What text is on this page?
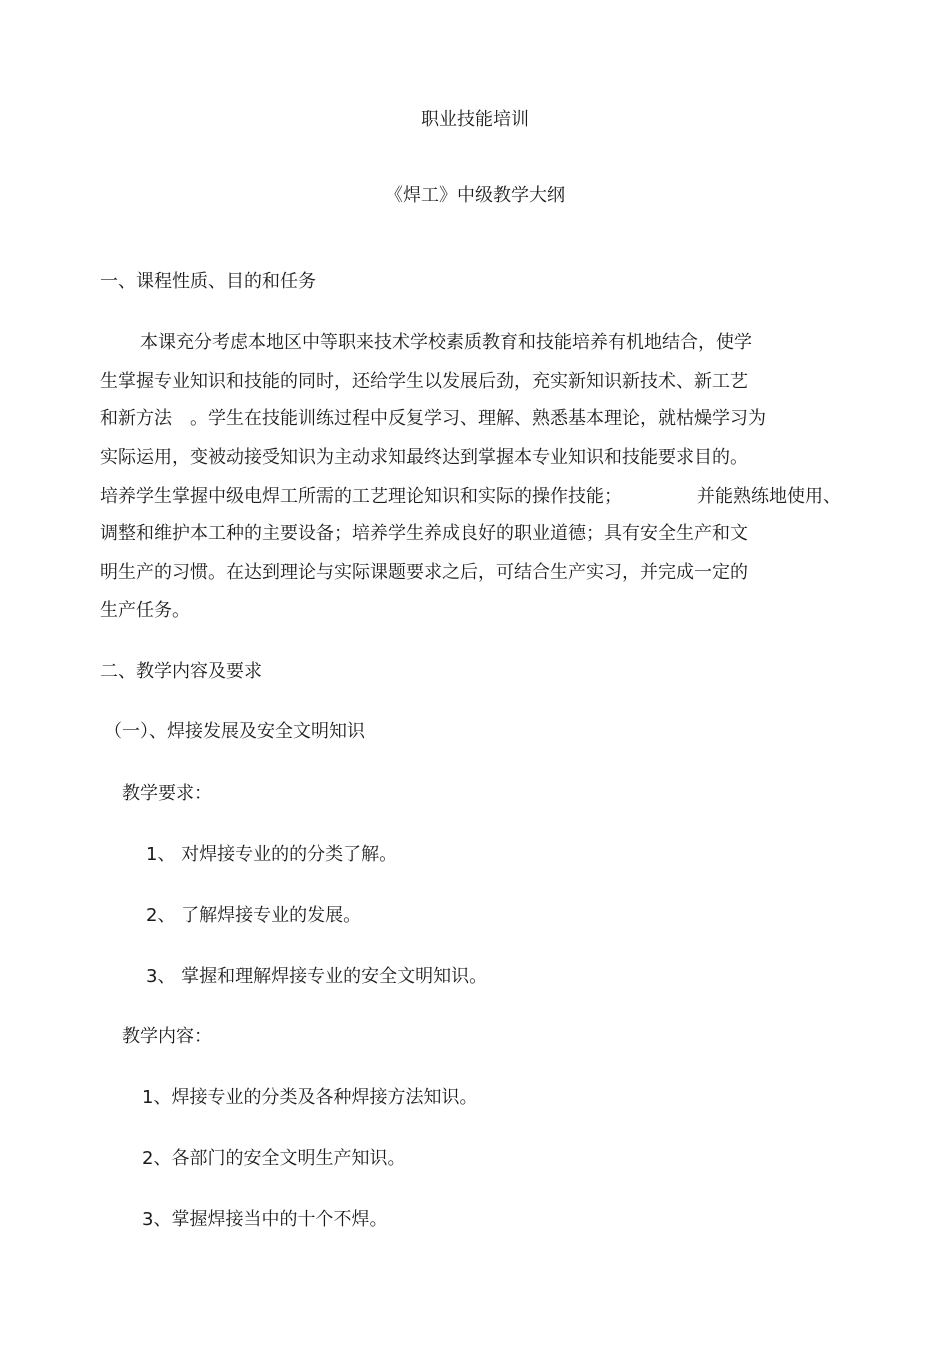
职业技能培训
《焊工》中级教学大纲
一、课程性质、目的和任务
本课充分考虑本地区中等职来技术学校素质教育和技能培养有机地结合，使学
生掌握专业知识和技能的同时，还给学生以发展后劲，充实新知识新技术、新工艺
和新方法　。学生在技能训练过程中反复学习、理解、熟悉基本理论，就枯燥学习为
实际运用，变被动接受知识为主动求知最终达到掌握本专业知识和技能要求目的。
培养学生掌握中级电焊工所需的工艺理论知识和实际的操作技能；	并能熟练地使用、
调整和维护本工种的主要设备；培养学生养成良好的职业道德；具有安全生产和文
明生产的习惯。在达到理论与实际课题要求之后，可结合生产实习，并完成一定的
生产任务。
二、教学内容及要求
（一）、焊接发展及安全文明知识
教学要求：
1、 对焊接专业的的分类了解。
2、 了解焊接专业的发展。
3、 掌握和理解焊接专业的安全文明知识。
教学内容：
1、焊接专业的分类及各种焊接方法知识。
2、各部门的安全文明生产知识。
3、掌握焊接当中的十个不焊。
